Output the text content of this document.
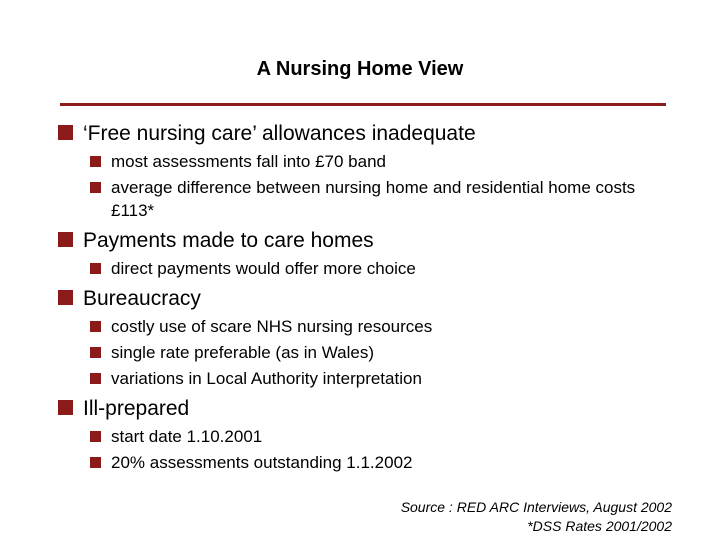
A Nursing Home View
‘Free nursing care’ allowances inadequate
most assessments fall into £70 band
average difference between nursing home and residential home costs £113*
Payments made to care homes
direct payments would offer more choice
Bureaucracy
costly use of scare NHS nursing resources
single rate preferable (as in Wales)
variations in Local Authority interpretation
Ill-prepared
start date 1.10.2001
20% assessments outstanding 1.1.2002
Source : RED ARC Interviews, August 2002
*DSS Rates 2001/2002
